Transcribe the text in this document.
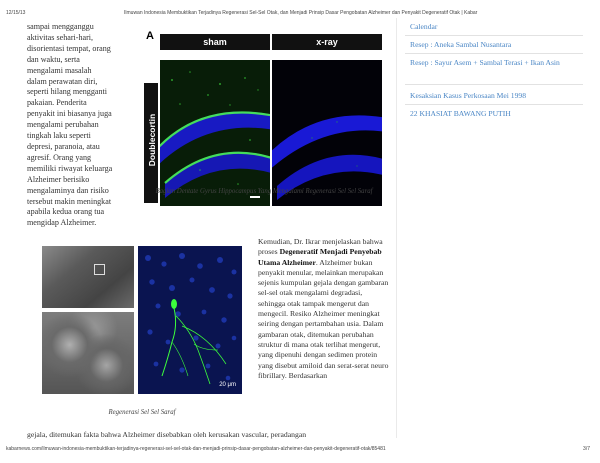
12/15/13	Ilmuwan Indonesia Membuktikan Terjadinya Regenerasi Sel-Sel Otak, dan Menjadi Prinsip Dasar Pengobatan Alzheimer dan Penyakit Degeneratif Otak | Kabar
sampai mengganggu
aktivitas sehari-hari,
disorientasi tempat, orang
dan waktu, serta
mengalami masalah
dalam perawatan diri,
seperti hilang mengganti
pakaian. Penderita
penyakit ini biasanya juga
mengalami perubahan
tingkah laku seperti
depresi, paranoia, atau
agresif. Orang yang
memiliki riwayat keluarga
Alzheimer berisiko
mengalaminya dan risiko
tersebut makin meningkat
apabila kedua orang tua
mengidap Alzheimer.
A	sham	x-ray
Doublecortin
Bagian Dentate Gyrus Hippocampus Yang Mengalami Regenerasi Sel Sel Saraf
20 μm
Regenerasi Sel Sel Saraf
Kemudian, Dr. Ikrar menjelaskan bahwa proses Degeneratif Menjadi Penyebab Utama Alzheimer. Alzheimer bukan penyakit menular, melainkan merupakan sejenis kumpulan gejala dengan gambaran sel-sel otak mengalami degradasi, sehingga otak tampak mengerut dan mengecil. Resiko Alzheimer meningkat seiring dengan pertambahan usia. Dalam gambaran otak, ditemukan perubahan struktur di mana otak terlihat mengerut, yang dipenuhi dengan sedimen protein yang disebut amiloid dan serat-serat neuro fibrillary. Berdasarkan
gejala, ditemukan fakta bahwa Alzheimer disebabkan oleh kerusakan vascular, peradangan
Calendar
Resep : Aneka Sambal Nusantara
Resep : Sayur Asem + Sambal Terasi + Ikan Asin
Kesaksian Kasus Perkosaan Mei 1998
22 KHASIAT BAWANG PUTIH
kabarnews.com/ilmuwan-indonesia-membuktikan-terjadinya-regenerasi-sel-sel-otak-dan-menjadi-prinsip-dasar-pengobatan-alzheimer-dan-penyakit-degeneratif-otak/85481	3/7
